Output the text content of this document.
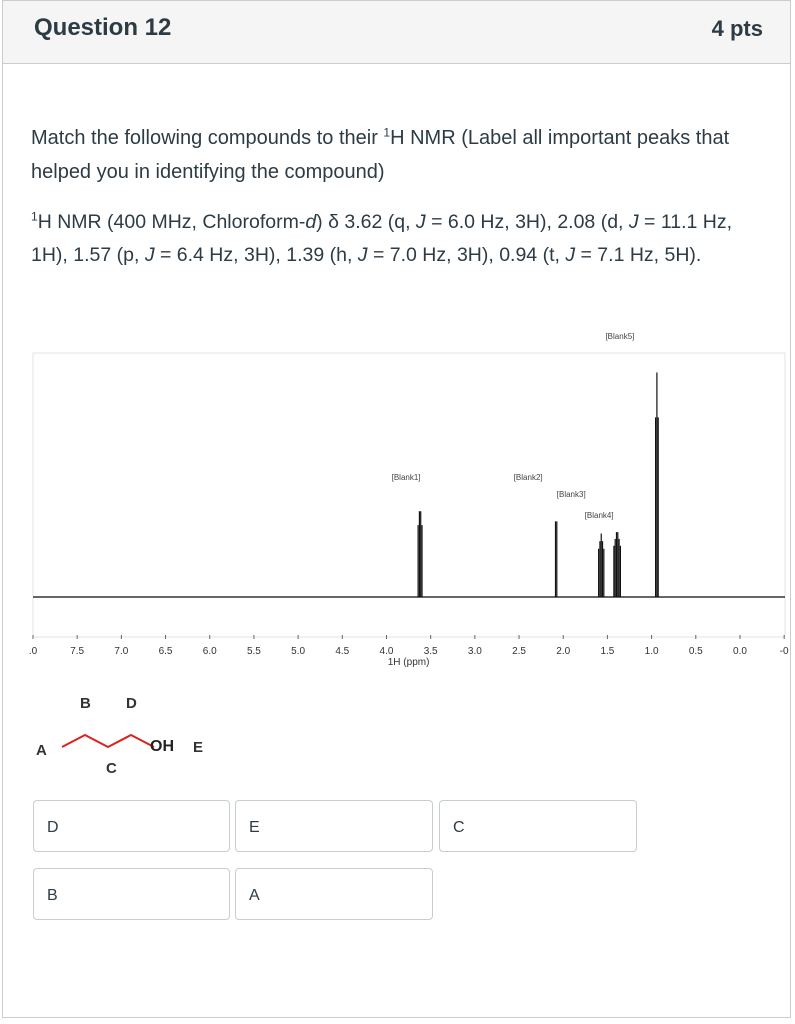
Question 12	4 pts
Match the following compounds to their $^1$H NMR (Label all important peaks that helped you in identifying the compound)
$^1$H NMR (400 MHz, Chloroform-d) δ 3.62 (q, J = 6.0 Hz, 3H), 2.08 (d, J = 11.1 Hz, 1H), 1.57 (p, J = 6.4 Hz, 3H), 1.39 (h, J = 7.0 Hz, 3H), 0.94 (t, J = 7.1 Hz, 5H).
[Blank1]	[Blank2]
[Blank3]
[Blank4]
[Blank5]
.0	7.5	7.0	6.5	6.0	5.5	5.0	4.5	4.0	3.5	3.0	2.5	2.0	1.5	1.0	0.5	0.0	-0
1H (ppm)
OH
A
B
C
D
E
D	E	C
B	A
